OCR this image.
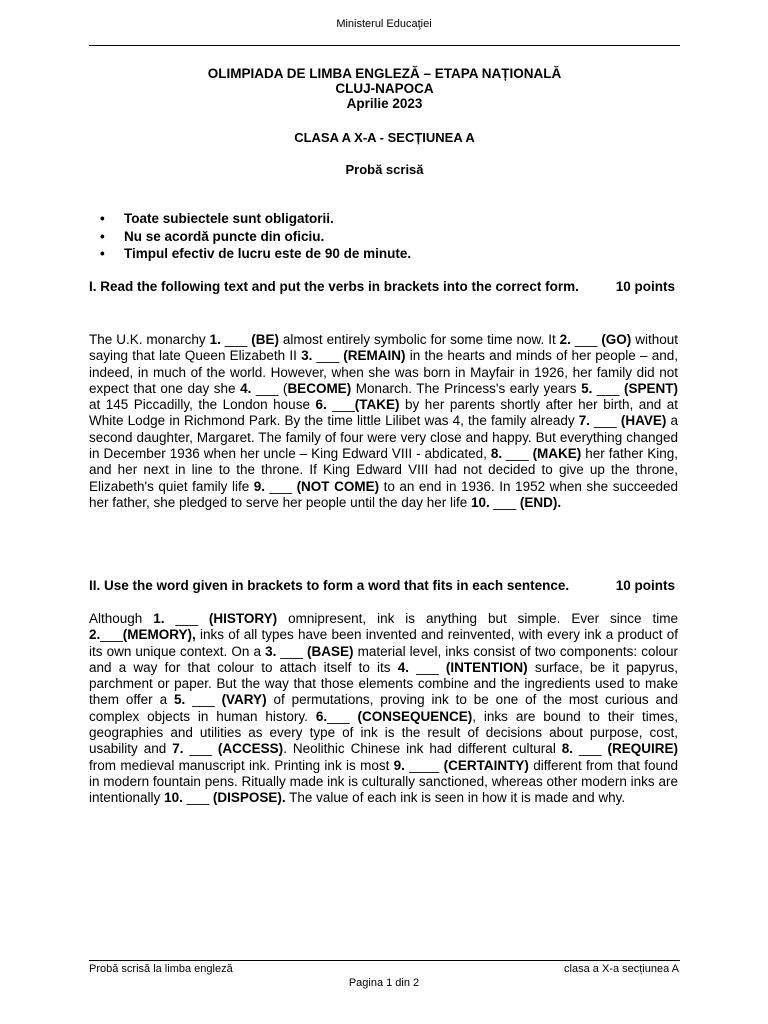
Ministerul Educaţiei
OLIMPIADA DE LIMBA ENGLEZĂ – ETAPA NAȚIONALĂ
CLUJ-NAPOCA
Aprilie 2023
CLASA A X-A - SECȚIUNEA A
Probă scrisă
• Toate subiectele sunt obligatorii.
• Nu se acordă puncte din oficiu.
• Timpul efectiv de lucru este de 90 de minute.
I. Read the following text and put the verbs in brackets into the correct form.	10 points
The U.K. monarchy 1. ___ (BE) almost entirely symbolic for some time now. It 2. ___ (GO) without saying that late Queen Elizabeth II 3. ___ (REMAIN) in the hearts and minds of her people – and, indeed, in much of the world. However, when she was born in Mayfair in 1926, her family did not expect that one day she 4. ___ (BECOME) Monarch. The Princess's early years 5. ___ (SPENT) at 145 Piccadilly, the London house 6. ___(TAKE) by her parents shortly after her birth, and at White Lodge in Richmond Park. By the time little Lilibet was 4, the family already 7. ___ (HAVE) a second daughter, Margaret. The family of four were very close and happy. But everything changed in December 1936 when her uncle – King Edward VIII - abdicated, 8. ___ (MAKE) her father King, and her next in line to the throne. If King Edward VIII had not decided to give up the throne, Elizabeth's quiet family life 9. ___ (NOT COME) to an end in 1936. In 1952 when she succeeded her father, she pledged to serve her people until the day her life 10. ___ (END).
II. Use the word given in brackets to form a word that fits in each sentence.	10 points
Although 1. ___ (HISTORY) omnipresent, ink is anything but simple. Ever since time 2.___(MEMORY), inks of all types have been invented and reinvented, with every ink a product of its own unique context. On a 3. ___ (BASE) material level, inks consist of two components: colour and a way for that colour to attach itself to its 4. ___ (INTENTION) surface, be it papyrus, parchment or paper. But the way that those elements combine and the ingredients used to make them offer a 5. ___ (VARY) of permutations, proving ink to be one of the most curious and complex objects in human history. 6.___ (CONSEQUENCE), inks are bound to their times, geographies and utilities as every type of ink is the result of decisions about purpose, cost, usability and 7. ___ (ACCESS). Neolithic Chinese ink had different cultural 8. ___ (REQUIRE) from medieval manuscript ink. Printing ink is most 9. ____ (CERTAINTY) different from that found in modern fountain pens. Ritually made ink is culturally sanctioned, whereas other modern inks are intentionally 10. ___ (DISPOSE). The value of each ink is seen in how it is made and why.
Probă scrisă la limba engleză	clasa a X-a secțiunea A
Pagina 1 din 2
